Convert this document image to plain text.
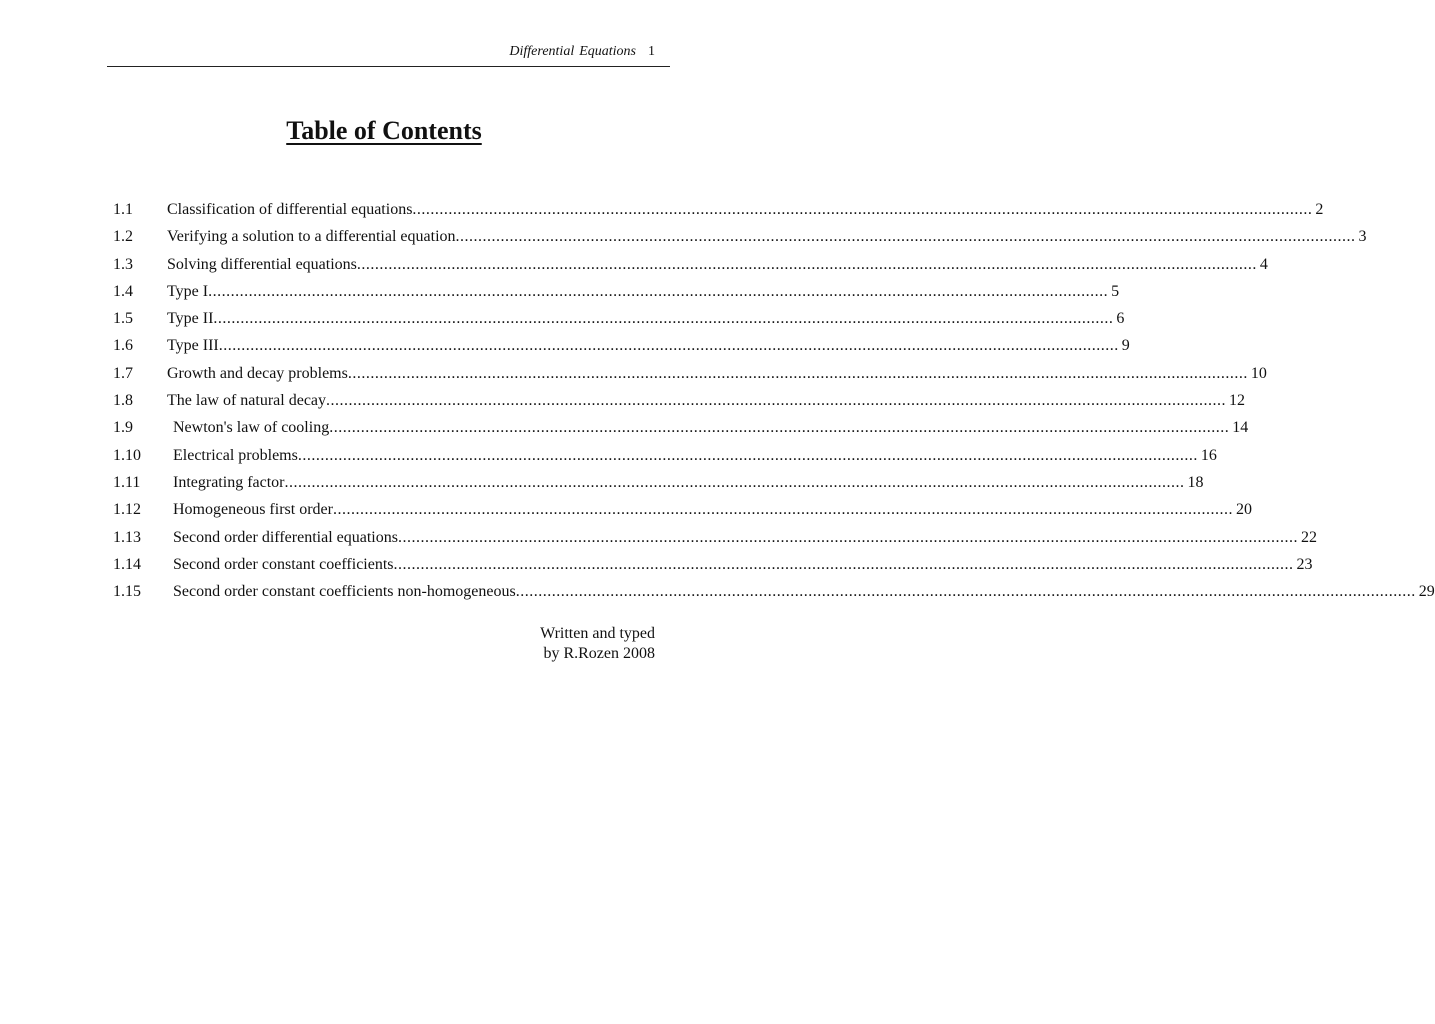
Differential Equations 1
Table of Contents
1.1	Classification of differential equations ........................................................................................................................................................................................................ 2
1.2	Verifying a solution to a differential equation ........................................................................................................................................................................................................ 3
1.3	Solving differential equations ........................................................................................................................................................................................................ 4
1.4	Type I ........................................................................................................................................................................................................ 5
1.5	Type II ........................................................................................................................................................................................................ 6
1.6	Type III ........................................................................................................................................................................................................ 9
1.7	Growth and decay problems ........................................................................................................................................................................................................ 10
1.8	The law of natural decay ........................................................................................................................................................................................................ 12
1.9	Newton's law of cooling ........................................................................................................................................................................................................ 14
1.10	Electrical problems ........................................................................................................................................................................................................ 16
1.11	Integrating factor ........................................................................................................................................................................................................ 18
1.12	Homogeneous first order ........................................................................................................................................................................................................ 20
1.13	Second order differential equations ........................................................................................................................................................................................................ 22
1.14	Second order constant coefficients ........................................................................................................................................................................................................ 23
1.15	Second order constant coefficients non-homogeneous ........................................................................................................................................................................................................ 29
Written and typed
by R.Rozen 2008
